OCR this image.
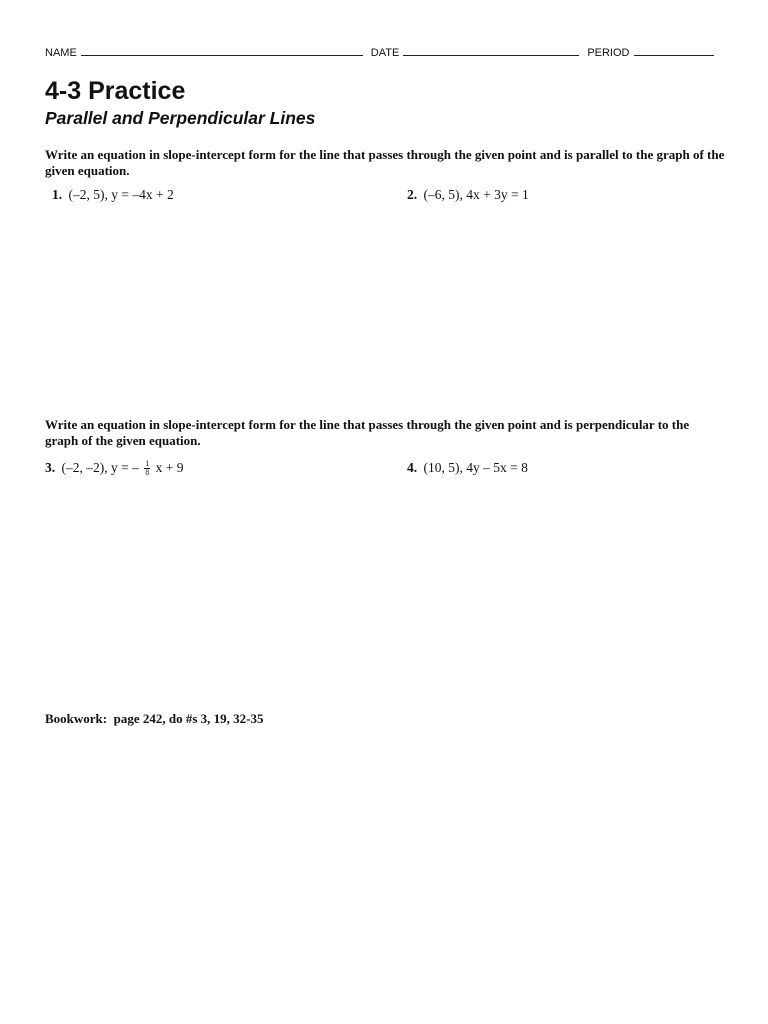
NAME	DATE	PERIOD
4-3 Practice
Parallel and Perpendicular Lines

Write an equation in slope-intercept form for the line that passes through the given point and is parallel to the graph of the given equation.

1. (–2, 5), y = –4x + 2	2. (–6, 5), 4x + 3y = 1

Write an equation in slope-intercept form for the line that passes through the given point and is perpendicular to the graph of the given equation.

3. (–2, –2), y = – $\frac{1}{8}$ x + 9	4. (10, 5), 4y – 5x = 8

Bookwork:  page 242, do #s 3, 19, 32-35
